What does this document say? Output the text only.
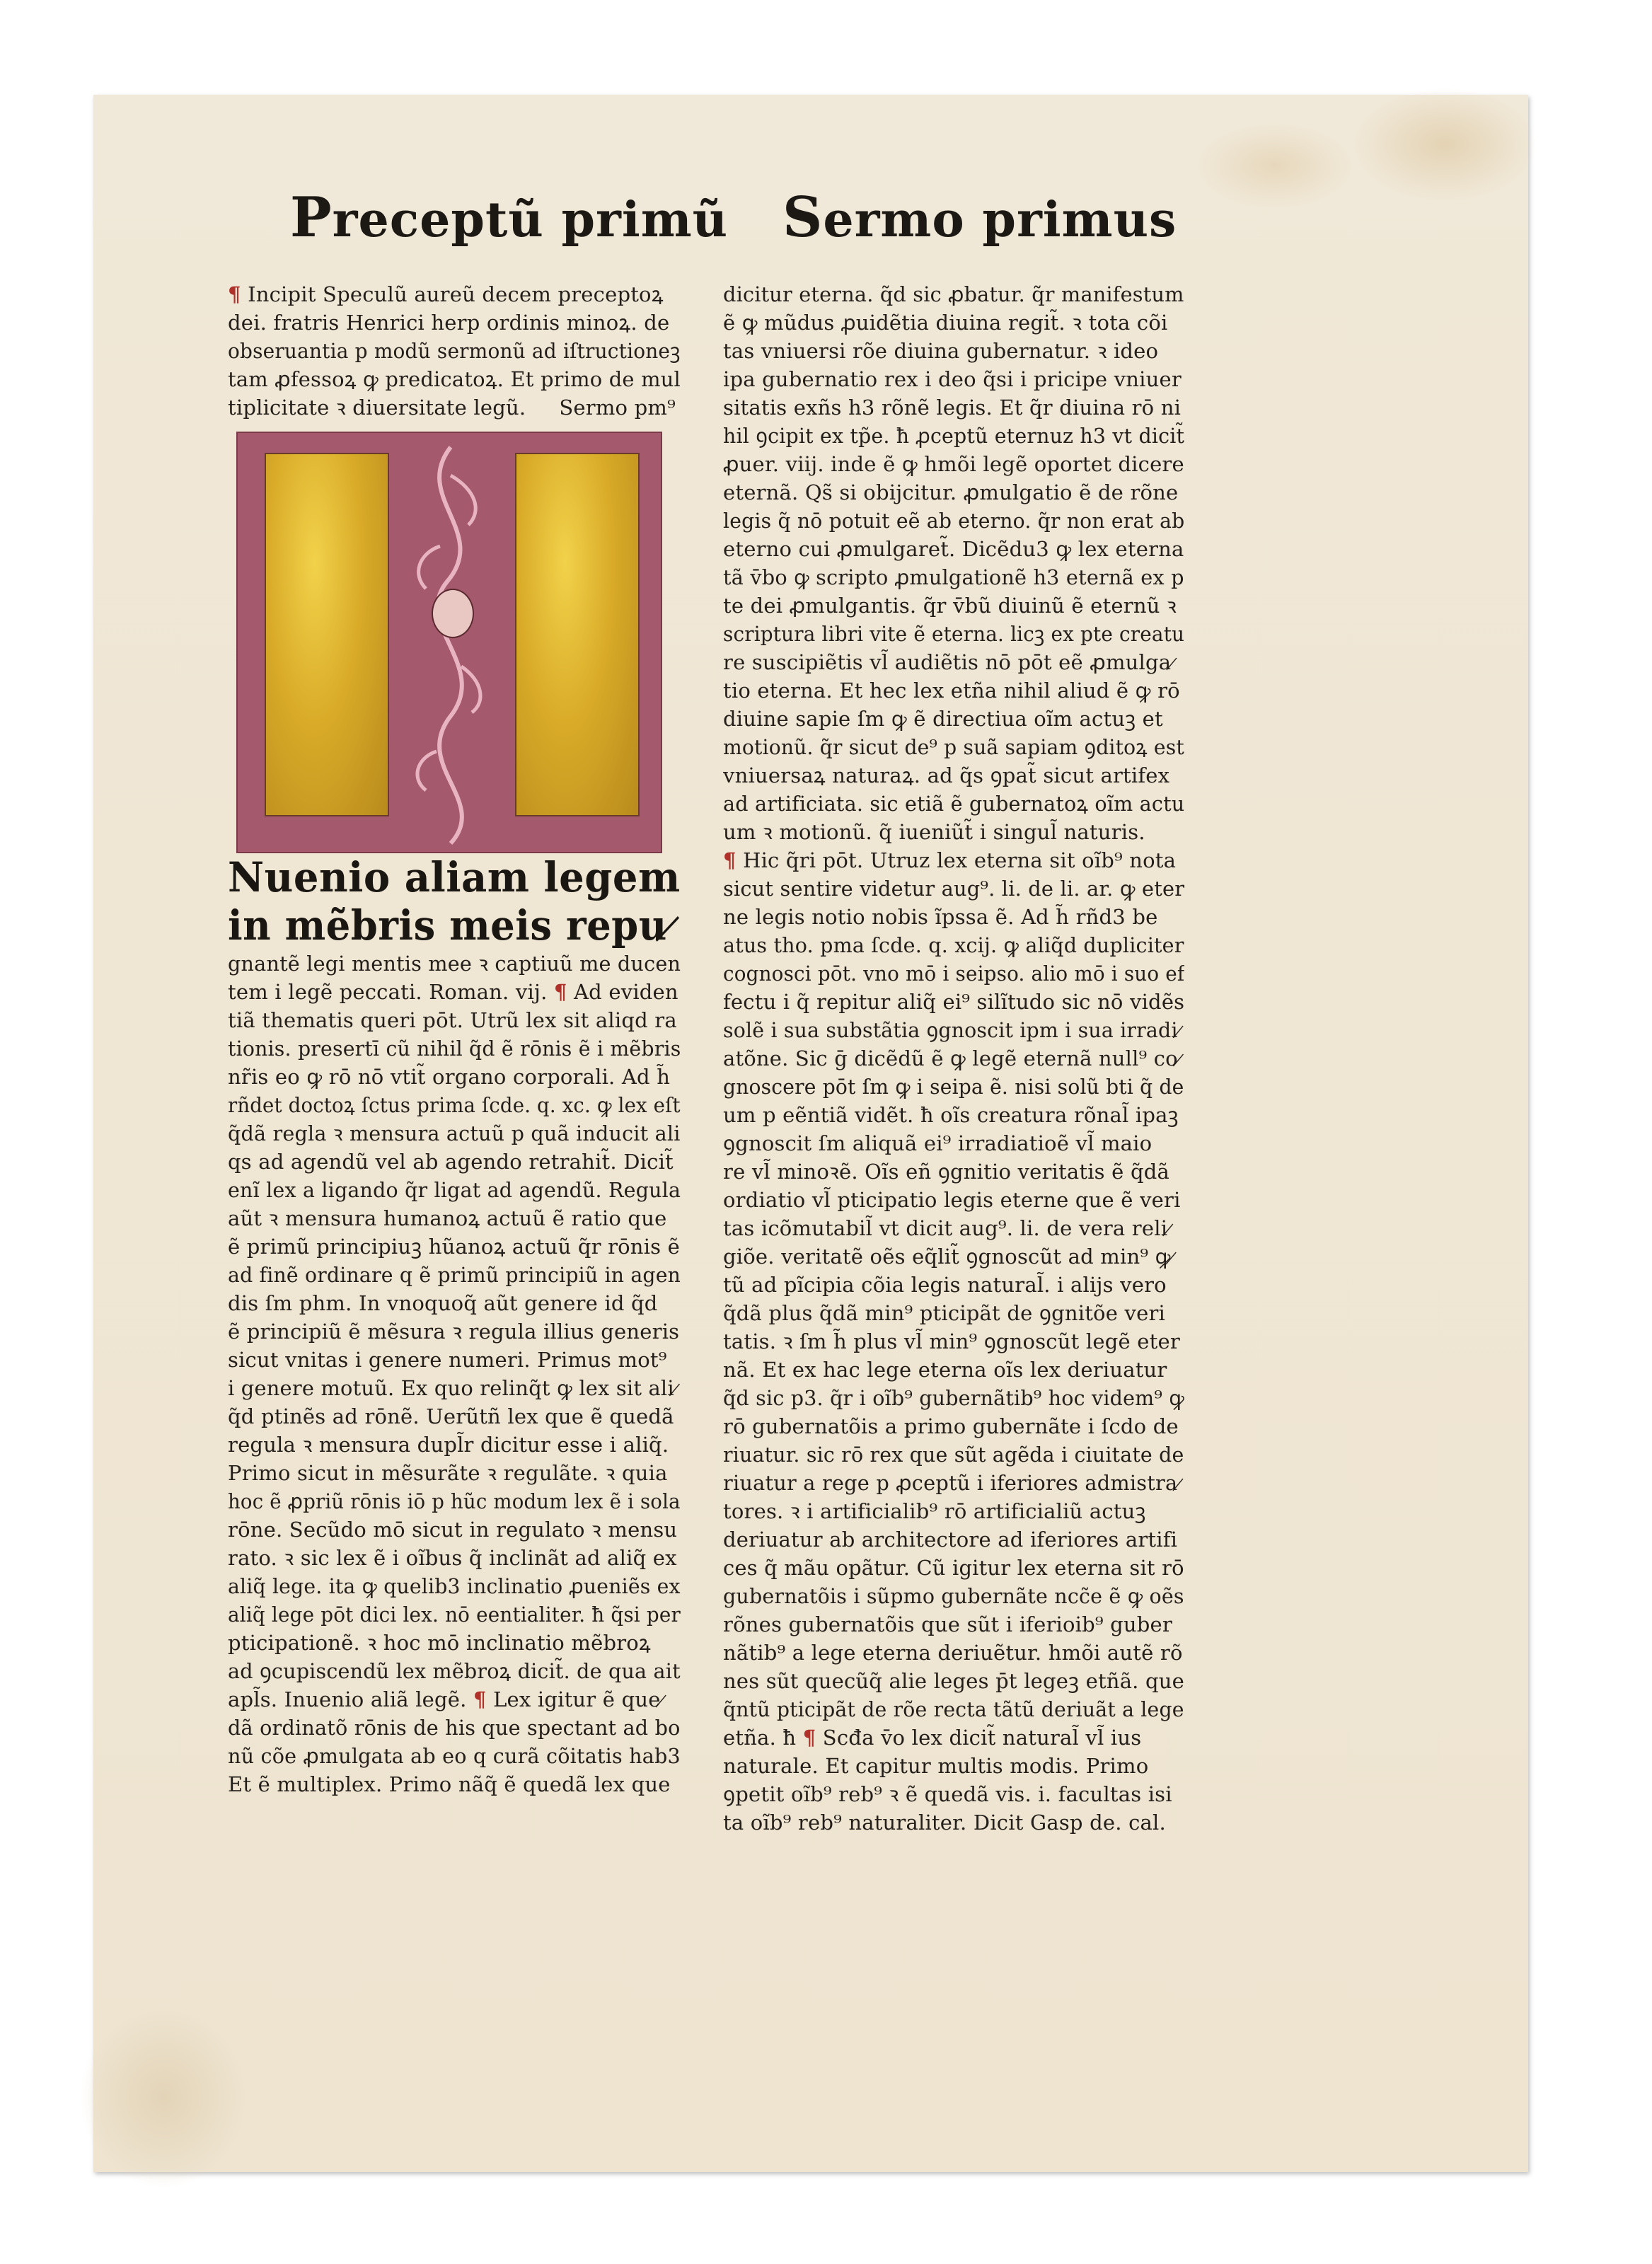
Preceptũ primũ Sermo primus
¶ Incipit Speculũ aureũ decem preceptoꝝ
dei. fratris Henrici herp ordinis minoꝝ. de
obseruantia p modũ sermonũ ad iſtructioneꝫ
tam ꝓfessoꝝ ꝙ predicatoꝝ. Et primo de mul
tiplicitate ꝛ diuersitate legũ.     Sermo pm⁹
Nuenio aliam legem
in mẽbris meis repu ̷
gnantẽ legi mentis mee ꝛ captiuũ me ducen
tem i legẽ peccati. Roman. vij. ¶ Ad eviden
tiã thematis queri pōt. Utrũ lex sit aliqd ra
tionis. presertī cũ nihil q̃d ẽ rōnis ẽ i mẽbris
nr̃is eo ꝙ rō nō vtit̃ organo corporali. Ad h̃
rñdet doctoꝝ ſctus prima ſcde. q. xc. ꝙ lex eſt
q̃dã regla ꝛ mensura actuũ p quã inducit ali
qs ad agendũ vel ab agendo retrahit̃. Dicit̃
enĩ lex a ligando q̃r ligat ad agendũ. Regula
aũt ꝛ mensura humanoꝝ actuũ ẽ ratio que
ẽ primũ principiuꝫ hũanoꝝ actuũ q̃r rōnis ẽ
ad finẽ ordinare q ẽ primũ principiũ in agen
dis ſm phm. In vnoquoq̃ aũt genere id q̃d
ẽ principiũ ẽ mẽsura ꝛ regula illius generis
sicut vnitas i genere numeri. Primus mot⁹
i genere motuũ. Ex quo relinq̃t ꝙ lex sit ali ̷
q̃d ptinẽs ad rōnẽ. Uerũtñ lex que ẽ quedã
regula ꝛ mensura dupl̃r dicitur esse i aliq̃.
Primo sicut in mẽsurãte ꝛ regulãte. ꝛ quia
hoc ẽ ꝓpriũ rōnis iō p hũc modum lex ẽ i sola
rōne. Secũdo mō sicut in regulato ꝛ mensu
rato. ꝛ sic lex ẽ i oĩbus q̃ inclinãt ad aliq̃ ex
aliq̃ lege. ita ꝙ quelib3 inclinatio ꝓueniẽs ex
aliq̃ lege pōt dici lex. nō eentialiter. ħ q̃si per
pticipationẽ. ꝛ hoc mō inclinatio mẽbroꝝ
ad ꝯcupiscendũ lex mẽbroꝝ dicit̃. de qua ait
apl̃s. Inuenio aliã legẽ. ¶ Lex igitur ẽ que ̷
dã ordinatõ rōnis de his que spectant ad bo
nũ cõe ꝓmulgata ab eo q curã cõitatis hab3
Et ẽ multiplex. Primo nãq̃ ẽ quedã lex que
dicitur eterna. q̃d sic ꝓbatur. q̃r manifestum
ẽ ꝙ mũdus ꝓuidẽtia diuina regit̃. ꝛ tota cõi
tas vniuersi rõe diuina gubernatur. ꝛ ideo
ipa gubernatio rex i deo q̃si i pricipe vniuer
sitatis exñs h3 rõnẽ legis. Et q̃r diuina rō ni
hil ꝯcipit ex tp̃e. ħ ꝓceptũ eternuz h3 vt dicit̃
ꝓuer. viij. inde ẽ ꝙ hmõi legẽ oportet dicere
eternã. Qs̃ si obijcitur. ꝓmulgatio ẽ de rõne
legis q̃ nō potuit eẽ ab eterno. q̃r non erat ab
eterno cui ꝓmulgaret̃. Dicẽdu3 ꝙ lex eterna
tã v̄bo ꝙ scripto ꝓmulgationẽ h3 eternã ex p
te dei ꝓmulgantis. q̃r v̄bũ diuinũ ẽ eternũ ꝛ
scriptura libri vite ẽ eterna. licꝫ ex pte creatu
re suscipiẽtis vl̃ audiẽtis nō pōt eẽ ꝓmulga ̷
tio eterna. Et hec lex etña nihil aliud ẽ ꝙ rō
diuine sapie ſm ꝙ ẽ directiua oĩm actuꝫ et
motionũ. q̃r sicut de⁹ p suã sapiam ꝯditoꝝ est
vniuersaꝝ naturaꝝ. ad q̃s ꝯpat̃ sicut artifex
ad artificiata. sic etiã ẽ gubernatoꝝ oĩm actu
um ꝛ motionũ. q̃ iueniũt̃ i singul̃ naturis.
¶ Hic q̃ri pōt. Utruz lex eterna sit oĩb⁹ nota
sicut sentire videtur aug⁹. li. de li. ar. ꝙ eter
ne legis notio nobis ĩpssa ẽ. Ad h̃ rñd3 be
atus tho. pma ſcde. q. xcij. ꝙ aliq̃d dupliciter
cognosci pōt. vno mō i seipso. alio mō i suo ef
fectu i q̃ repitur aliq̃ ei⁹ silĩtudo sic nō vidẽs
solẽ i sua substãtia ꝯgnoscit ipm i sua irradi ̷
atõne. Sic ḡ dicẽdũ ẽ ꝙ legẽ eternã null⁹ co ̷
gnoscere pōt ſm ꝙ i seipa ẽ. nisi solũ bti q̃ de
um p eẽntiã vidẽt. ħ oĩs creatura rõnal̃ ipaꝫ
ꝯgnoscit ſm aliquã ei⁹ irradiatioẽ vl̃ maio
re vl̃ minoꝛẽ. Oĩs eñ ꝯgnitio veritatis ẽ q̃dã
ordiatio vl̃ pticipatio legis eterne que ẽ veri
tas icõmutabil̃ vt dicit aug⁹. li. de vera reli ̷
giõe. veritatẽ oẽs eq̃lit̃ ꝯgnoscũt ad min⁹ ꝙ ̷
tũ ad pĩcipia cõia legis natural̃. i alijs vero
q̃dã plus q̃dã min⁹ pticipãt de ꝯgnitõe veri
tatis. ꝛ ſm h̃ plus vl̃ min⁹ ꝯgnoscũt legẽ eter
nã. Et ex hac lege eterna oĩs lex deriuatur
q̃d sic p3. q̃r i oĩb⁹ gubernãtib⁹ hoc videm⁹ ꝙ
rō gubernatõis a primo gubernãte i ſcdo de
riuatur. sic rō rex que sũt agẽda i ciuitate de
riuatur a rege p ꝓceptũ i iferiores admistra ̷
tores. ꝛ i artificialib⁹ rō artificialiũ actuꝫ
deriuatur ab architectore ad iferiores artifi
ces q̃ mãu opãtur. Cũ igitur lex eterna sit rō
gubernatõis i sũpmo gubernãte ncc̃e ẽ ꝙ oẽs
rõnes gubernatõis que sũt i iferioib⁹ guber
nãtib⁹ a lege eterna deriuẽtur. hmõi autẽ rõ
nes sũt quecũq̃ alie leges p̄t legeꝫ etñã. que
q̃ntũ pticipãt de rõe recta tãtũ deriuãt a lege
etña. ħ ¶ Scđa v̄o lex dicit̃ natural̃ vl̃ ius
naturale. Et capitur multis modis. Primo
ꝯpetit oĩb⁹ reb⁹ ꝛ ẽ quedã vis. i. facultas isi
ta oĩb⁹ reb⁹ naturaliter. Dicit Gasp de. cal.
